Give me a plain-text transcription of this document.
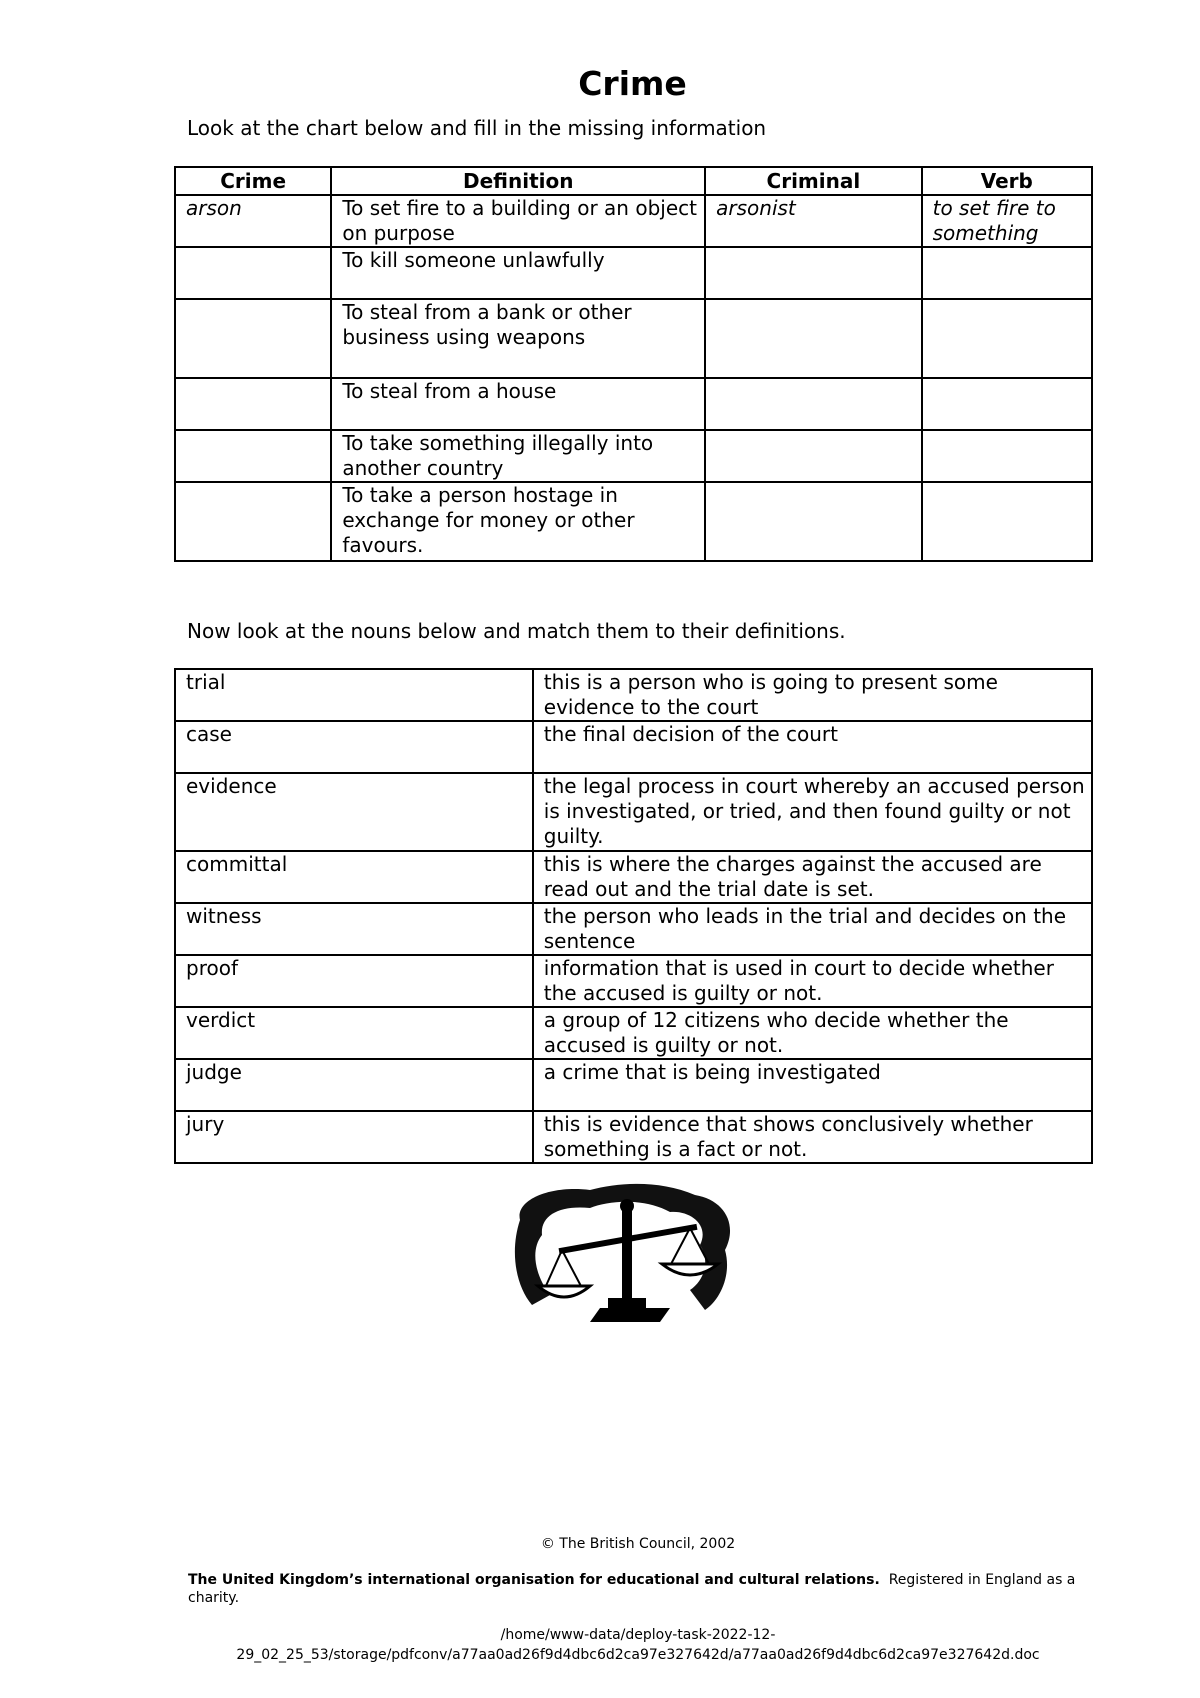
Crime
Look at the chart below and fill in the missing information
Crime	Definition	Criminal	Verb
arson	To set fire to a building or an object on purpose	arsonist	to set fire to something
	To kill someone unlawfully		
	To steal from a bank or other business using weapons		
	To steal from a house		
	To take something illegally into another country		
	To take a person hostage in exchange for money or other favours.		
Now look at the nouns below and match them to their definitions.
trial	this is a person who is going to present some evidence to the court
case	the final decision of the court
evidence	the legal process in court whereby an accused person is investigated, or tried, and then found guilty or not guilty.
committal	this is where the charges against the accused are read out and the trial date is set.
witness	the person who leads in the trial and decides on the sentence
proof	information that is used in court to decide whether the accused is guilty or not.
verdict	a group of 12 citizens who decide whether the accused is guilty or not.
judge	a crime that is being investigated
jury	this is evidence that shows conclusively whether something is a fact or not.
© The British Council, 2002
The United Kingdom’s international organisation for educational and cultural relations. Registered in England as a charity.
/home/www-data/deploy-task-2022-12-
29_02_25_53/storage/pdfconv/a77aa0ad26f9d4dbc6d2ca97e327642d/a77aa0ad26f9d4dbc6d2ca97e327642d.doc
